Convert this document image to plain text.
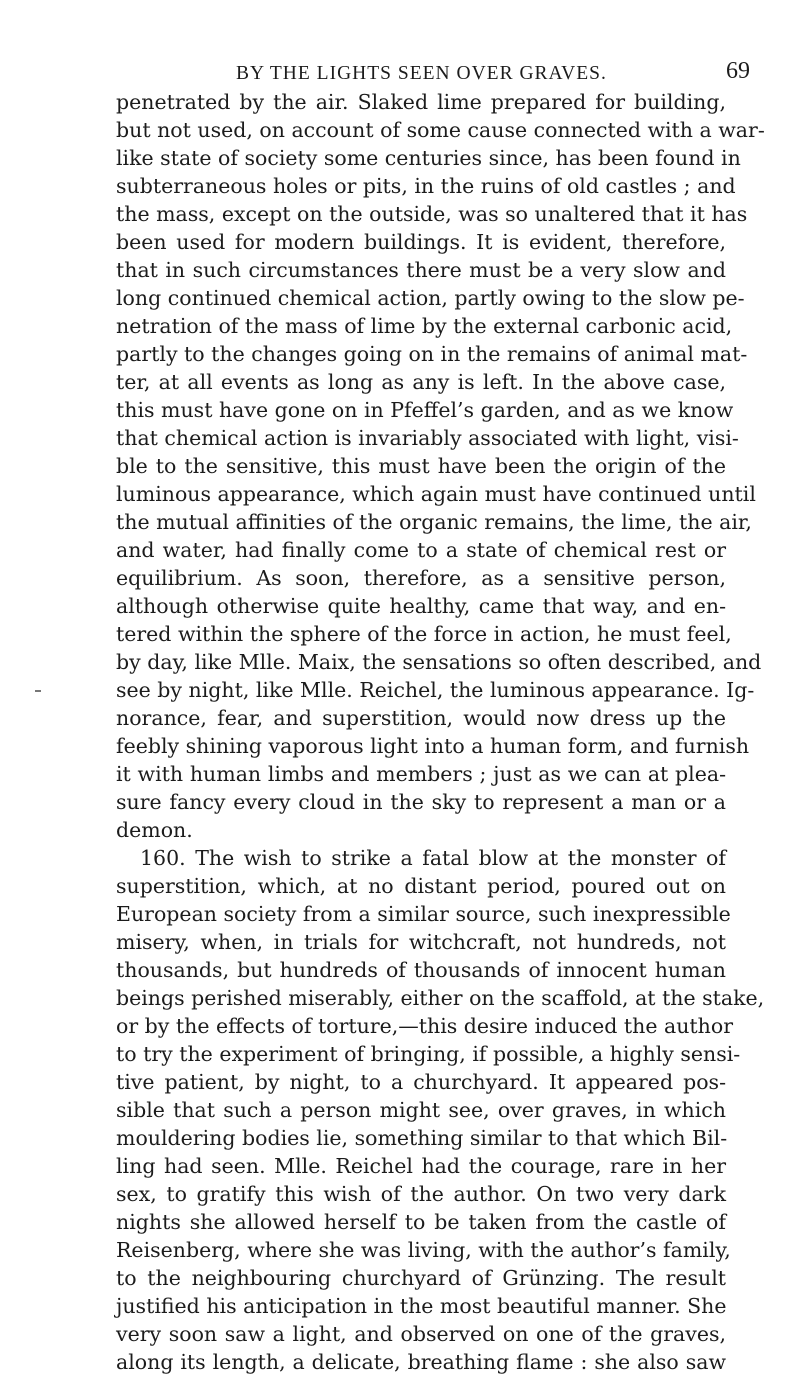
BY THE LIGHTS SEEN OVER GRAVES.	69
penetrated by the air. Slaked lime prepared for building,
but not used, on account of some cause connected with a war-
like state of society some centuries since, has been found in
subterraneous holes or pits, in the ruins of old castles ; and
the mass, except on the outside, was so unaltered that it has
been used for modern buildings. It is evident, therefore,
that in such circumstances there must be a very slow and
long continued chemical action, partly owing to the slow pe-
netration of the mass of lime by the external carbonic acid,
partly to the changes going on in the remains of animal mat-
ter, at all events as long as any is left. In the above case,
this must have gone on in Pfeffel’s garden, and as we know
that chemical action is invariably associated with light, visi-
ble to the sensitive, this must have been the origin of the
luminous appearance, which again must have continued until
the mutual affinities of the organic remains, the lime, the air,
and water, had finally come to a state of chemical rest or
equilibrium. As soon, therefore, as a sensitive person,
although otherwise quite healthy, came that way, and en-
tered within the sphere of the force in action, he must feel,
by day, like Mlle. Maix, the sensations so often described, and
see by night, like Mlle. Reichel, the luminous appearance. Ig-
norance, fear, and superstition, would now dress up the
feebly shining vaporous light into a human form, and furnish
it with human limbs and members ; just as we can at plea-
sure fancy every cloud in the sky to represent a man or a
demon.
160. The wish to strike a fatal blow at the monster of
superstition, which, at no distant period, poured out on
European society from a similar source, such inexpressible
misery, when, in trials for witchcraft, not hundreds, not
thousands, but hundreds of thousands of innocent human
beings perished miserably, either on the scaffold, at the stake,
or by the effects of torture,—this desire induced the author
to try the experiment of bringing, if possible, a highly sensi-
tive patient, by night, to a churchyard. It appeared pos-
sible that such a person might see, over graves, in which
mouldering bodies lie, something similar to that which Bil-
ling had seen. Mlle. Reichel had the courage, rare in her
sex, to gratify this wish of the author. On two very dark
nights she allowed herself to be taken from the castle of
Reisenberg, where she was living, with the author’s family,
to the neighbouring churchyard of Grünzing. The result
justified his anticipation in the most beautiful manner. She
very soon saw a light, and observed on one of the graves,
along its length, a delicate, breathing flame : she also saw
